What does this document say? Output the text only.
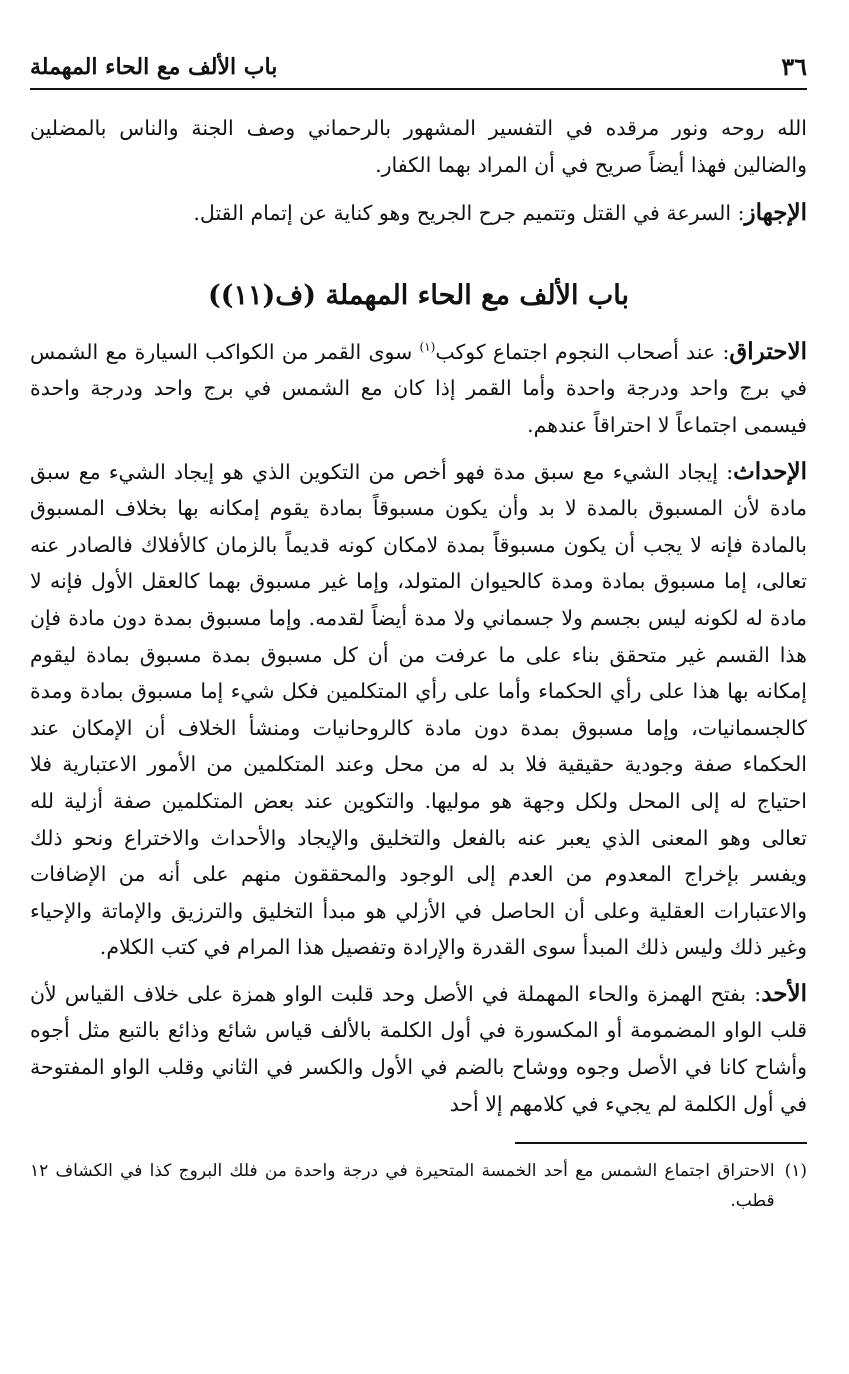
٣٦
باب الألف مع الحاء المهملة

الله روحه ونور مرقده في التفسير المشهور بالرحماني وصف الجنة والناس بالمضلين والضالين فهذا أيضاً صريح في أن المراد بهما الكفار.

الإجهاز: السرعة في القتل وتتميم جرح الجريح وهو كناية عن إتمام القتل.

باب الألف مع الحاء المهملة (ف(١١))

الاحتراق: عند أصحاب النجوم اجتماع كوكب$^{(١)}$ سوى القمر من الكواكب السيارة مع الشمس في برج واحد ودرجة واحدة وأما القمر إذا كان مع الشمس في برج واحد ودرجة واحدة فيسمى اجتماعاً لا احتراقاً عندهم.

الإحداث: إيجاد الشيء مع سبق مدة فهو أخص من التكوين الذي هو إيجاد الشيء مع سبق مادة لأن المسبوق بالمدة لا بد وأن يكون مسبوقاً بمادة يقوم إمكانه بها بخلاف المسبوق بالمادة فإنه لا يجب أن يكون مسبوقاً بمدة لامكان كونه قديماً بالزمان كالأفلاك فالصادر عنه تعالى، إما مسبوق بمادة ومدة كالحيوان المتولد، وإما غير مسبوق بهما كالعقل الأول فإنه لا مادة له لكونه ليس بجسم ولا جسماني ولا مدة أيضاً لقدمه. وإما مسبوق بمدة دون مادة فإن هذا القسم غير متحقق بناء على ما عرفت من أن كل مسبوق بمدة مسبوق بمادة ليقوم إمكانه بها هذا على رأي الحكماء وأما على رأي المتكلمين فكل شيء إما مسبوق بمادة ومدة كالجسمانيات، وإما مسبوق بمدة دون مادة كالروحانيات ومنشأ الخلاف أن الإمكان عند الحكماء صفة وجودية حقيقية فلا بد له من محل وعند المتكلمين من الأمور الاعتبارية فلا احتياج له إلى المحل ولكل وجهة هو موليها. والتكوين عند بعض المتكلمين صفة أزلية لله تعالى وهو المعنى الذي يعبر عنه بالفعل والتخليق والإيجاد والأحداث والاختراع ونحو ذلك ويفسر بإخراج المعدوم من العدم إلى الوجود والمحققون منهم على أنه من الإضافات والاعتبارات العقلية وعلى أن الحاصل في الأزلي هو مبدأ التخليق والترزيق والإماتة والإحياء وغير ذلك وليس ذلك المبدأ سوى القدرة والإرادة وتفصيل هذا المرام في كتب الكلام.

الأحد: بفتح الهمزة والحاء المهملة في الأصل وحد قلبت الواو همزة على خلاف القياس لأن قلب الواو المضمومة أو المكسورة في أول الكلمة بالألف قياس شائع وذائع بالتبع مثل أجوه وأشاح كانا في الأصل وجوه ووشاح بالضم في الأول والكسر في الثاني وقلب الواو المفتوحة في أول الكلمة لم يجيء في كلامهم إلا أحد

(١)
الاحتراق اجتماع الشمس مع أحد الخمسة المتحيرة في درجة واحدة من فلك البروج كذا في الكشاف ١٢ قطب.
